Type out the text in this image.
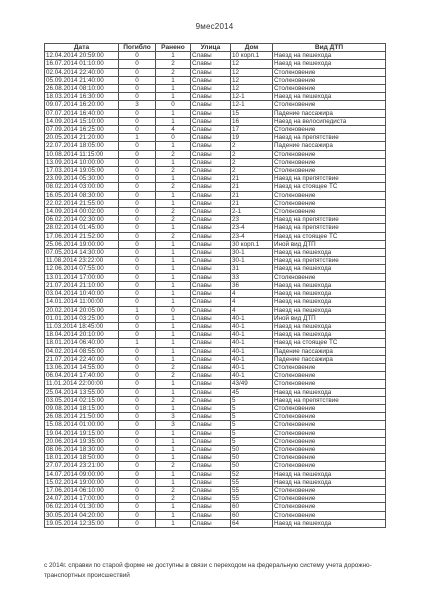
9мес2014
Дата	Погибло	Ранено	Улица	Дом	Вид ДТП
12.04.2014 20:59:00	0	1	Славы	10 корп.1	Наезд на пешехода
16.07.2014 01:10:00	0	2	Славы	12	Наезд на пешехода
02.04.2014 22:40:00	0	2	Славы	12	Столкновение
05.09.2014 21:40:00	0	1	Славы	12	Столкновение
26.08.2014 08:10:00	0	1	Славы	12	Столкновение
18.03.2014 16:30:00	0	1	Славы	12-1	Наезд на пешехода
09.07.2014 16:20:00	3	0	Славы	12-1	Столкновение
07.07.2014 16:40:00	0	1	Славы	15	Падение пассажира
14.09.2014 15:10:00	0	1	Славы	16	Наезд на велосипедиста
07.09.2014 16:25:00	0	4	Славы	17	Столкновение
20.05.2014 21:20:00	1	0	Славы	19	Наезд на препятствие
22.07.2014 18:05:00	0	1	Славы	2	Падение пассажира
10.08.2014 11:15:00	0	2	Славы	2	Столкновение
13.09.2014 10:00:00	0	1	Славы	2	Столкновение
17.03.2014 19:05:00	0	2	Славы	2	Столкновение
23.09.2014 05:30:00	0	1	Славы	21	Наезд на препятствие
08.02.2014 03:00:00	0	2	Славы	21	Наезд на стоящее ТС
16.05.2014 08:30:00	0	1	Славы	21	Столкновение
22.02.2014 21:55:00	0	1	Славы	21	Столкновение
14.09.2014 00:02:00	0	2	Славы	2-1	Столкновение
06.02.2014 02:30:00	0	2	Славы	23	Наезд на препятствие
28.02.2014 01:45:00	0	1	Славы	23-4	Наезд на препятствие
17.06.2014 21:52:00	0	2	Славы	23-4	Наезд на стоящее ТС
25.06.2014 19:00:00	0	1	Славы	30 корп.1	Иной вид ДТП
07.05.2014 14:30:00	0	1	Славы	30-1	Наезд на пешехода
11.08.2014 23:22:00	0	1	Славы	30-1	Наезд на препятствие
12.06.2014 07:55:00	0	1	Славы	31	Наезд на пешехода
13.01.2014 17:00:00	0	1	Славы	33	Столкновение
21.07.2014 21:10:00	0	1	Славы	36	Наезд на пешехода
03.04.2014 10:40:00	0	1	Славы	4	Наезд на пешехода
14.01.2014 11:00:00	0	1	Славы	4	Наезд на пешехода
20.02.2014 20:05:00	1	0	Славы	4	Наезд на пешехода
01.01.2014 03:25:00	0	1	Славы	40-1	Иной вид ДТП
11.03.2014 18:45:00	0	1	Славы	40-1	Наезд на пешехода
18.04.2014 20:10:00	0	1	Славы	40-1	Наезд на пешехода
18.01.2014 06:40:00	1	1	Славы	40-1	Наезд на стоящее ТС
04.02.2014 08:55:00	0	1	Славы	40-1	Падение пассажира
21.07.2014 22:40:00	0	1	Славы	40-1	Падение пассажира
13.06.2014 14:55:00	0	2	Славы	40-1	Столкновение
06.04.2014 17:40:00	0	2	Славы	40-1	Столкновение
11.01.2014 22:00:00	0	1	Славы	43/49	Столкновение
25.04.2014 13:55:00	0	1	Славы	45	Наезд на пешехода
03.05.2014 02:15:00	0	2	Славы	5	Наезд на препятствие
09.08.2014 18:15:00	0	1	Славы	5	Столкновение
26.08.2014 21:50:00	0	3	Славы	5	Столкновение
15.08.2014 01:00:00	0	3	Славы	5	Столкновение
19.04.2014 19:15:00	0	1	Славы	5	Столкновение
20.06.2014 19:35:00	0	1	Славы	5	Столкновение
08.06.2014 18:30:00	0	1	Славы	50	Столкновение
18.01.2014 18:50:00	0	1	Славы	50	Столкновение
27.07.2014 23:21:00	0	2	Славы	50	Столкновение
14.07.2014 09:00:00	0	1	Славы	52	Наезд на пешехода
15.02.2014 19:00:00	0	1	Славы	55	Наезд на пешехода
17.06.2014 06:10:00	0	2	Славы	55	Столкновение
24.07.2014 17:00:00	0	2	Славы	55	Столкновение
06.02.2014 01:30:00	0	1	Славы	60	Столкновение
30.05.2014 04:20:00	0	1	Славы	60	Столкновение
19.05.2014 12:35:00	0	1	Славы	64	Наезд на пешехода
с 2014г. справки по старой форме не доступны в связи с переходом на федеральную систему учета дорожно-транспортных происшествий
